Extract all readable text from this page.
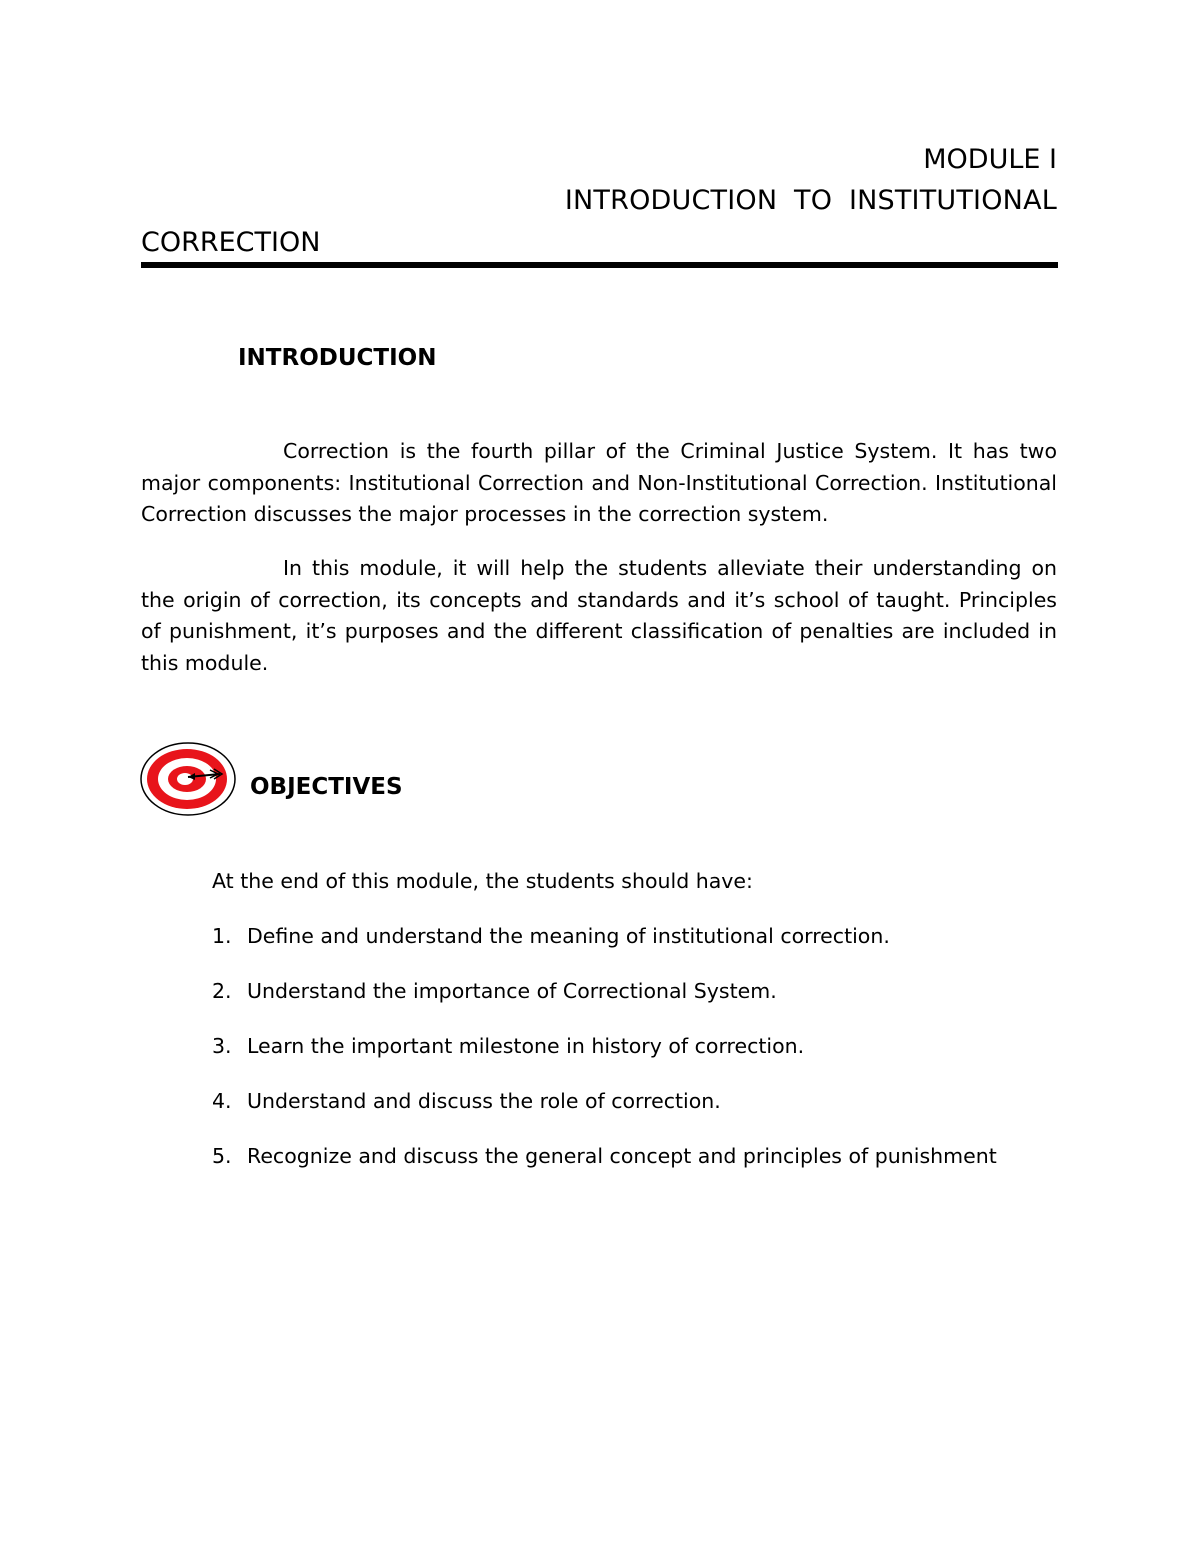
MODULE I
INTRODUCTION TO INSTITUTIONAL
CORRECTION
INTRODUCTION

Correction is the fourth pillar of the Criminal Justice System. It has two major components: Institutional Correction and Non-Institutional Correction. Institutional Correction discusses the major processes in the correction system.

In this module, it will help the students alleviate their understanding on the origin of correction, its concepts and standards and it’s school of taught. Principles of punishment, it’s purposes and the different classification of penalties are included in this module.

OBJECTIVES
At the end of this module, the students should have:
1. Define and understand the meaning of institutional correction.
2. Understand the importance of Correctional System.
3. Learn the important milestone in history of correction.
4. Understand and discuss the role of correction.
5. Recognize and discuss the general concept and principles of punishment
